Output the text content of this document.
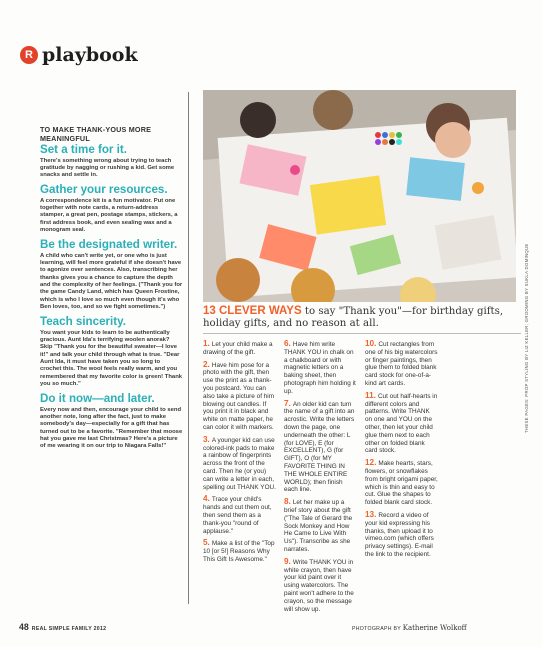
R playbook
TO MAKE THANK-YOUS MORE MEANINGFUL
Set a time for it.

There's something wrong about trying to teach gratitude by nagging or rushing a kid. Get some snacks and settle in.

Gather your resources.

A correspondence kit is a fun motivator. Put one together with note cards, a return-address stamper, a great pen, postage stamps, stickers, a first address book, and even sealing wax and a monogram seal.

Be the designated writer.

A child who can't write yet, or one who is just learning, will feel more grateful if she doesn't have to agonize over sentences. Also, transcribing her thanks gives you a chance to capture the depth and the complexity of her feelings. ("Thank you for the game Candy Land, which has Queen Frostine, which is who I love so much even though it's who Ben loves, too, and so we fight sometimes.")

Teach sincerity.

You want your kids to learn to be authentically gracious. Aunt Ida's terrifying woolen anorak? Skip "Thank you for the beautiful sweater—I love it!" and talk your child through what is true. "Dear Aunt Ida, it must have taken you so long to crochet this. The wool feels really warm, and you remembered that my favorite color is green! Thank you so much."

Do it now—and later.

Every now and then, encourage your child to send another note, long after the fact, just to make somebody's day—especially for a gift that has turned out to be a favorite. "Remember that moose hat you gave me last Christmas? Here's a picture of me wearing it on our trip to Niagara Falls!"

13 CLEVER WAYS to say "Thank you"—for birthday gifts, holiday gifts, and no reason at all.
1. Let your child make a drawing of the gift.
2. Have him pose for a photo with the gift, then use the print as a thank-you postcard. You can also take a picture of him blowing out candles. If you print it in black and white on matte paper, he can color it with markers.
3. A younger kid can use colored-ink pads to make a rainbow of fingerprints across the front of the card. Then he (or you) can write a letter in each, spelling out THANK YOU.
4. Trace your child's hands and cut them out, then send them as a thank-you "round of applause."
5. Make a list of the "Top 10 [or 5!] Reasons Why This Gift Is Awesome."
6. Have him write THANK YOU in chalk on a chalkboard or with magnetic letters on a baking sheet, then photograph him holding it up.
7. An older kid can turn the name of a gift into an acrostic. Write the letters down the page, one underneath the other: L (for LOVE), E (for EXCELLENT), G (for GIFT), O (for MY FAVORITE THING IN THE WHOLE ENTIRE WORLD); then finish each line.
8. Let her make up a brief story about the gift ("The Tale of Gerard the Sock Monkey and How He Came to Live With Us"). Transcribe as she narrates.
9. Write THANK YOU in white crayon, then have your kid paint over it using watercolors. The paint won't adhere to the crayon, so the message will show up.
10. Cut rectangles from one of his big watercolors or finger paintings, then glue them to folded blank card stock for one-of-a-kind art cards.
11. Cut out half-hearts in different colors and patterns. Write THANK on one and YOU on the other, then let your child glue them next to each other on folded blank card stock.
12. Make hearts, stars, flowers, or snowflakes from bright origami paper, which is thin and easy to cut. Glue the shapes to folded blank card stock.
13. Record a video of your kid expressing his thanks, then upload it to vimeo.com (which offers privacy settings). E-mail the link to the recipient.
THESE PAGES: PROP STYLING BY LIZ KELLER; GROOMING BY SUKLA DOMINQUE
48 REAL SIMPLE FAMILY 2012	PHOTOGRAPH BY Katherine Wolkoff
